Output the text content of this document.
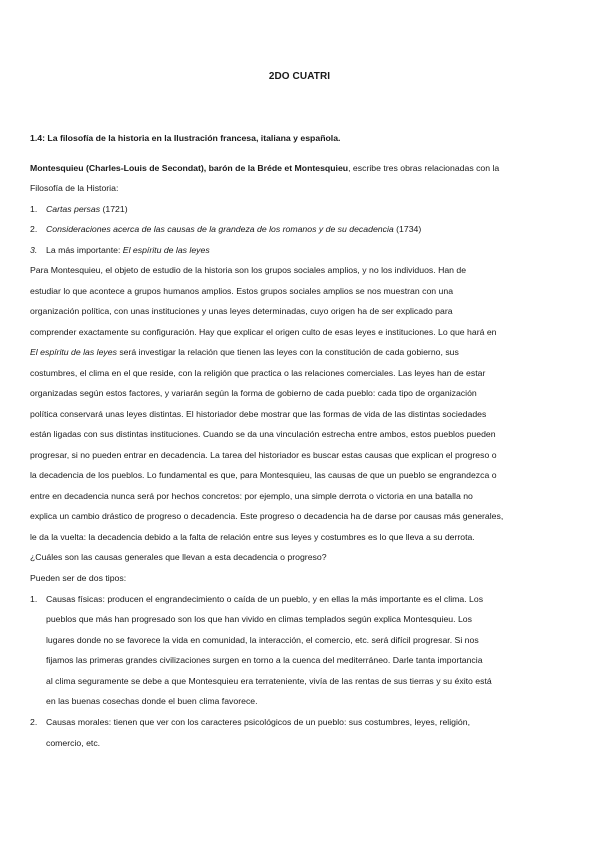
2DO CUATRI
1.4: La filosofía de la historia en la Ilustración francesa, italiana y española.
Montesquieu (Charles-Louis de Secondat), barón de la Bréde et Montesquieu, escribe tres obras relacionadas con la
Filosofía de la Historia:
1. Cartas persas (1721)
2. Consideraciones acerca de las causas de la grandeza de los romanos y de su decadencia (1734)
3. La más importante: El espíritu de las leyes
Para Montesquieu, el objeto de estudio de la historia son los grupos sociales amplios, y no los individuos. Han de
estudiar lo que acontece a grupos humanos amplios. Estos grupos sociales amplios se nos muestran con una
organización política, con unas instituciones y unas leyes determinadas, cuyo origen ha de ser explicado para
comprender exactamente su configuración. Hay que explicar el origen culto de esas leyes e instituciones. Lo que hará en
El espíritu de las leyes será investigar la relación que tienen las leyes con la constitución de cada gobierno, sus
costumbres, el clima en el que reside, con la religión que practica o las relaciones comerciales. Las leyes han de estar
organizadas según estos factores, y variarán según la forma de gobierno de cada pueblo: cada tipo de organización
política conservará unas leyes distintas. El historiador debe mostrar que las formas de vida de las distintas sociedades
están ligadas con sus distintas instituciones. Cuando se da una vinculación estrecha entre ambos, estos pueblos pueden
progresar, si no pueden entrar en decadencia. La tarea del historiador es buscar estas causas que explican el progreso o
la decadencia de los pueblos. Lo fundamental es que, para Montesquieu, las causas de que un pueblo se engrandezca o
entre en decadencia nunca será por hechos concretos: por ejemplo, una simple derrota o victoria en una batalla no
explica un cambio drástico de progreso o decadencia. Este progreso o decadencia ha de darse por causas más generales,
le da la vuelta: la decadencia debido a la falta de relación entre sus leyes y costumbres es lo que lleva a su derrota.
¿Cuáles son las causas generales que llevan a esta decadencia o progreso?
Pueden ser de dos tipos:
1. Causas físicas: producen el engrandecimiento o caída de un pueblo, y en ellas la más importante es el clima. Los
pueblos que más han progresado son los que han vivido en climas templados según explica Montesquieu. Los
lugares donde no se favorece la vida en comunidad, la interacción, el comercio, etc. será difícil progresar. Si nos
fijamos las primeras grandes civilizaciones surgen en torno a la cuenca del mediterráneo. Darle tanta importancia
al clima seguramente se debe a que Montesquieu era terrateniente, vivía de las rentas de sus tierras y su éxito está
en las buenas cosechas donde el buen clima favorece.
2. Causas morales: tienen que ver con los caracteres psicológicos de un pueblo: sus costumbres, leyes, religión,
comercio, etc.
